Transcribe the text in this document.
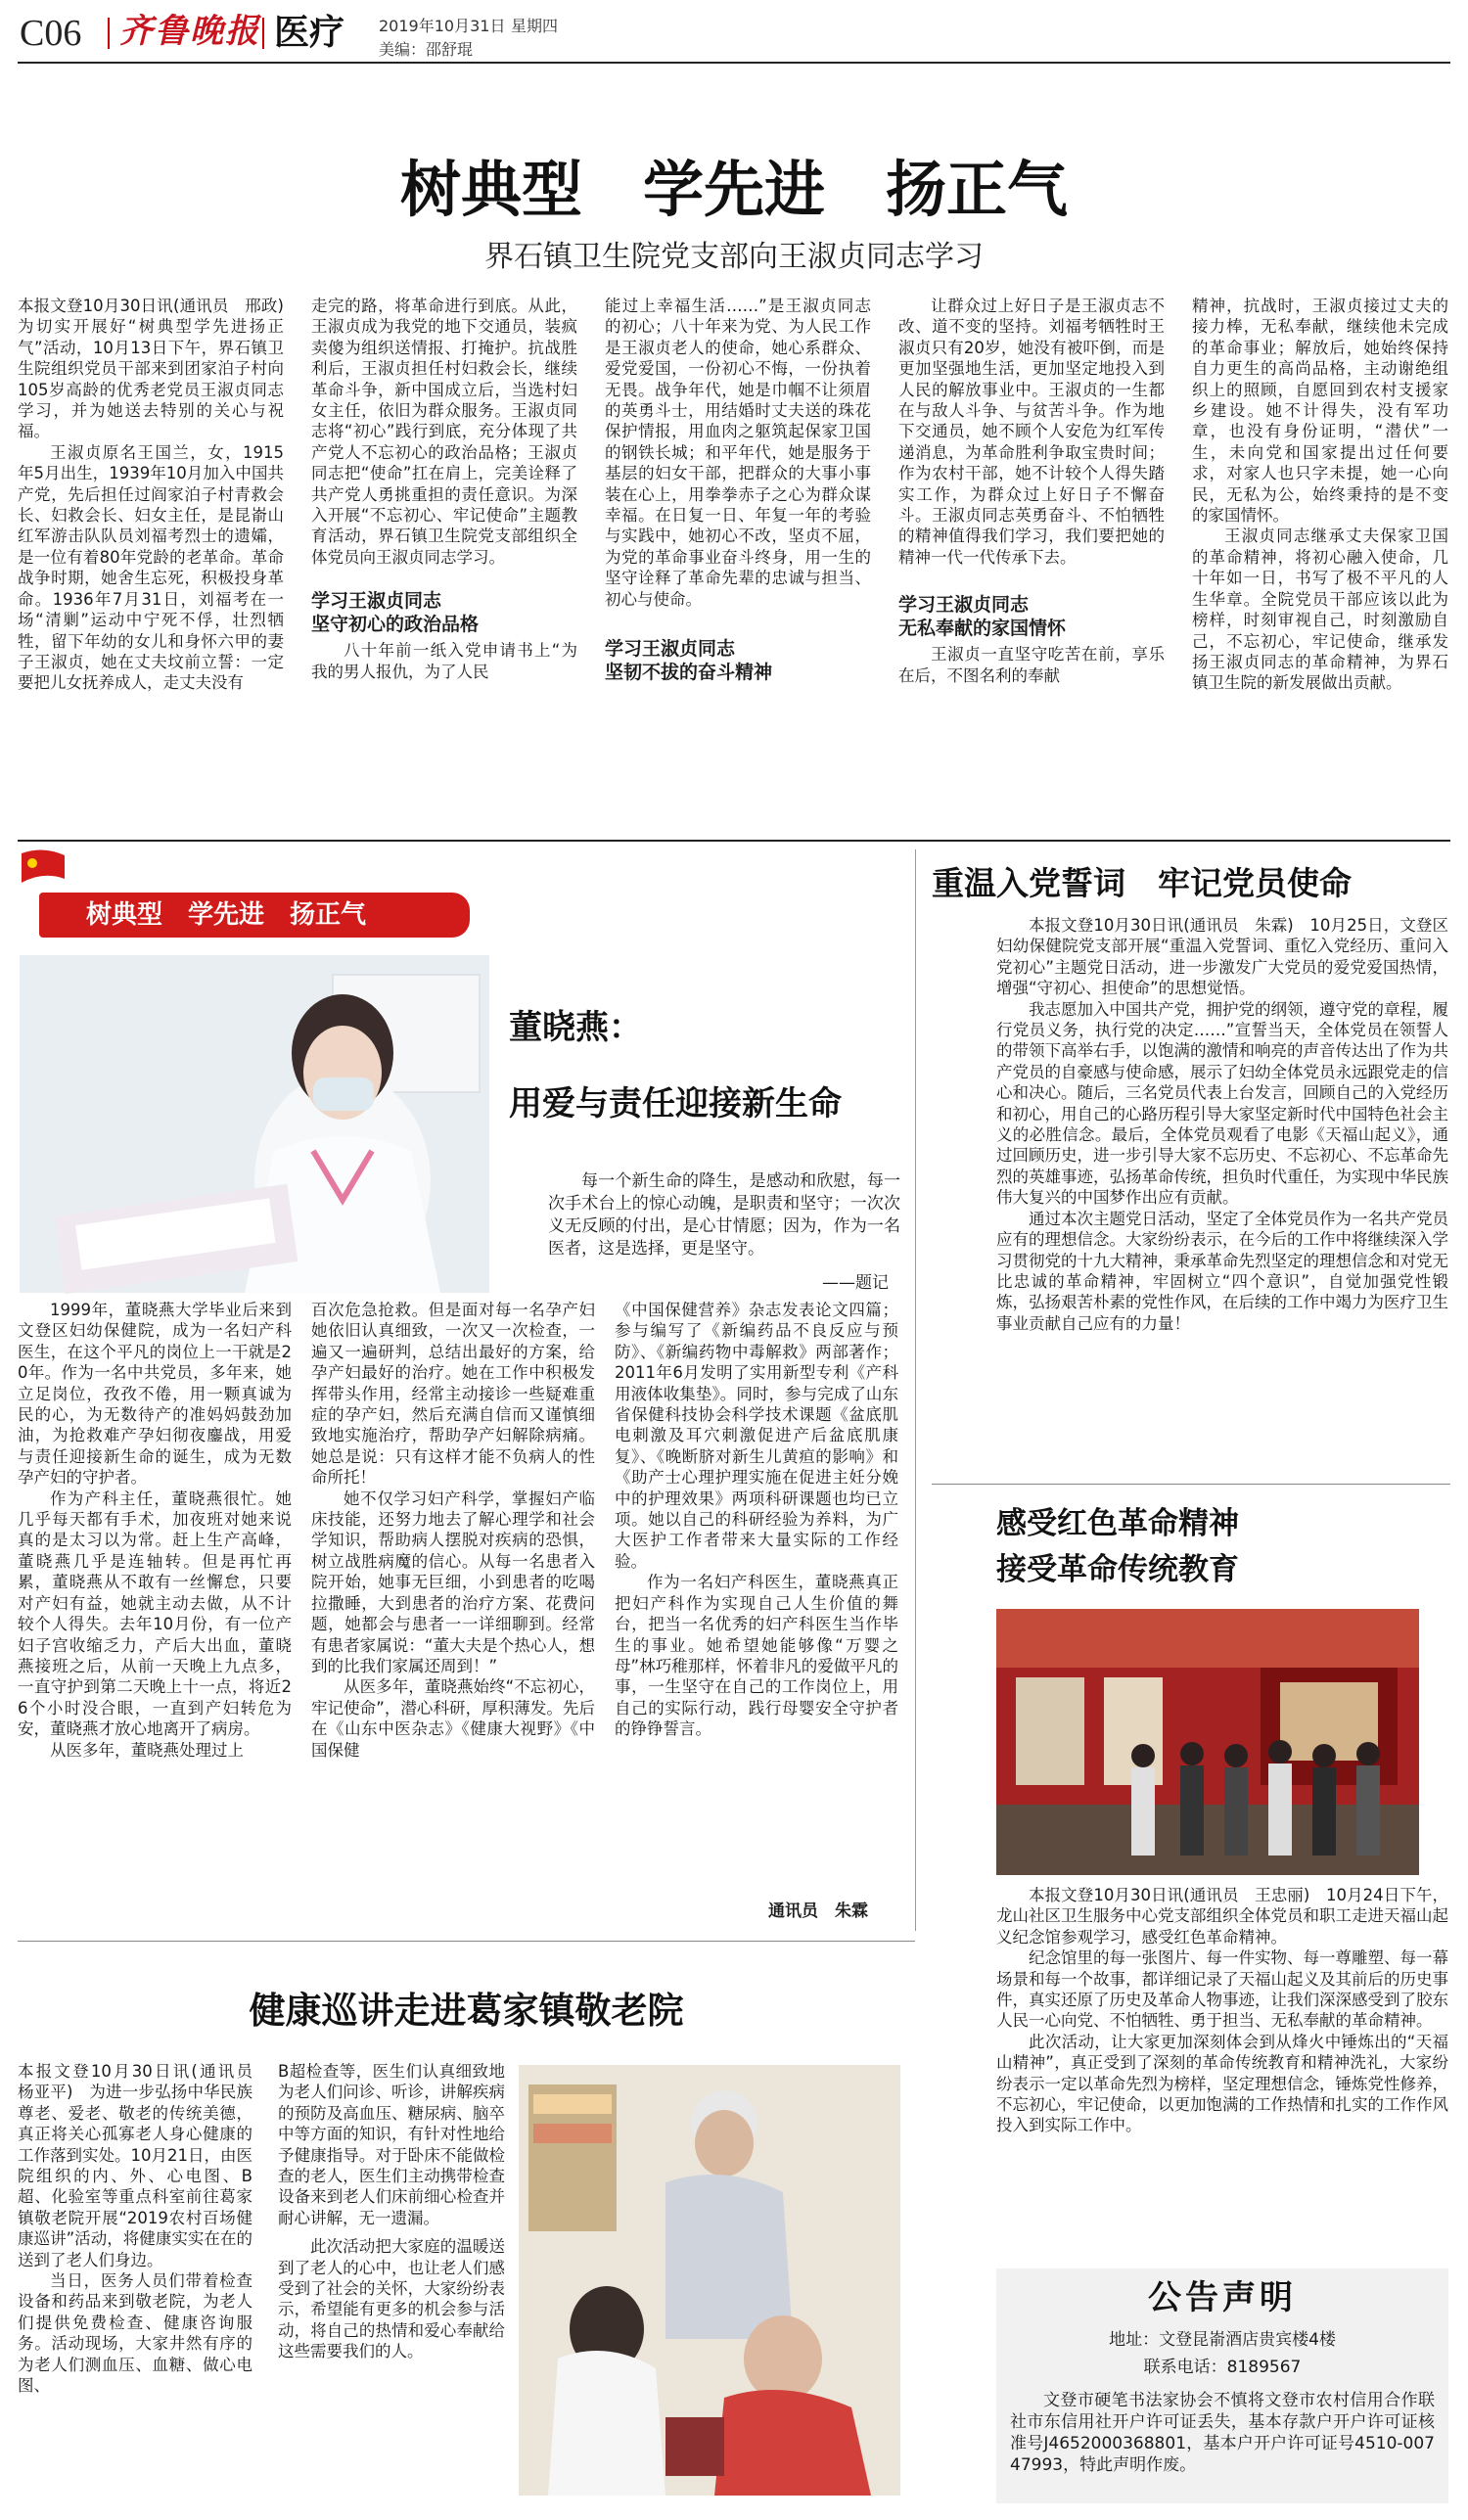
C06 齐鲁晚报 医疗 2019年10月31日 星期四
美编：邵舒琨
树典型　学先进　扬正气
界石镇卫生院党支部向王淑贞同志学习

本报文登10月30日讯(通讯员　邢政)　为切实开展好“树典型学先进扬正气”活动，10月13日下午，界石镇卫生院组织党员干部来到团家泊子村向105岁高龄的优秀老党员王淑贞同志学习，并为她送去特别的关心与祝福。

王淑贞原名王国兰，女，1915年5月出生，1939年10月加入中国共产党，先后担任过阎家泊子村青救会长、妇救会长、妇女主任，是昆嵛山红军游击队队员刘福考烈士的遗孀，是一位有着80年党龄的老革命。革命战争时期，她舍生忘死，积极投身革命。1936年7月31日，刘福考在一场“清剿”运动中宁死不俘，壮烈牺牲，留下年幼的女儿和身怀六甲的妻子王淑贞，她在丈夫坟前立誓：一定要把儿女抚养成人，走丈夫没有

走完的路，将革命进行到底。从此，王淑贞成为我党的地下交通员，装疯卖傻为组织送情报、打掩护。抗战胜利后，王淑贞担任村妇救会长，继续革命斗争，新中国成立后，当选村妇女主任，依旧为群众服务。王淑贞同志将“初心”践行到底，充分体现了共产党人不忘初心的政治品格；王淑贞同志把“使命”扛在肩上，完美诠释了共产党人勇挑重担的责任意识。为深入开展“不忘初心、牢记使命”主题教育活动，界石镇卫生院党支部组织全体党员向王淑贞同志学习。

学习王淑贞同志
坚守初心的政治品格

八十年前一纸入党申请书上“为我的男人报仇，为了人民

能过上幸福生活……”是王淑贞同志的初心；八十年来为党、为人民工作是王淑贞老人的使命，她心系群众、爱党爱国，一份初心不悔，一份执着无畏。战争年代，她是巾帼不让须眉的英勇斗士，用结婚时丈夫送的珠花保护情报，用血肉之躯筑起保家卫国的钢铁长城；和平年代，她是服务于基层的妇女干部，把群众的大事小事装在心上，用拳拳赤子之心为群众谋幸福。在日复一日、年复一年的考验与实践中，她初心不改，坚贞不屈，为党的革命事业奋斗终身，用一生的坚守诠释了革命先辈的忠诚与担当、初心与使命。

学习王淑贞同志
坚韧不拔的奋斗精神

让群众过上好日子是王淑贞志不改、道不变的坚持。刘福考牺牲时王淑贞只有20岁，她没有被吓倒，而是更加坚强地生活，更加坚定地投入到人民的解放事业中。王淑贞的一生都在与敌人斗争、与贫苦斗争。作为地下交通员，她不顾个人安危为红军传递消息，为革命胜利争取宝贵时间；作为农村干部，她不计较个人得失踏实工作，为群众过上好日子不懈奋斗。王淑贞同志英勇奋斗、不怕牺牲的精神值得我们学习，我们要把她的精神一代一代传承下去。

学习王淑贞同志
无私奉献的家国情怀

王淑贞一直坚守吃苦在前，享乐在后，不图名利的奉献

精神，抗战时，王淑贞接过丈夫的接力棒，无私奉献，继续他未完成的革命事业；解放后，她始终保持自力更生的高尚品格，主动谢绝组织上的照顾，自愿回到农村支援家乡建设。她不计得失，没有军功章，也没有身份证明，“潜伏”一生，未向党和国家提出过任何要求，对家人也只字未提，她一心向民，无私为公，始终秉持的是不变的家国情怀。

王淑贞同志继承丈夫保家卫国的革命精神，将初心融入使命，几十年如一日，书写了极不平凡的人生华章。全院党员干部应该以此为榜样，时刻审视自己，时刻激励自己，不忘初心，牢记使命，继承发扬王淑贞同志的革命精神，为界石镇卫生院的新发展做出贡献。

树典型　学先进　扬正气
董晓燕：
用爱与责任迎接新生命

每一个新生命的降生，是感动和欣慰，每一次手术台上的惊心动魄，是职责和坚守；一次次义无反顾的付出，是心甘情愿；因为，作为一名医者，这是选择，更是坚守。

——题记

1999年，董晓燕大学毕业后来到文登区妇幼保健院，成为一名妇产科医生，在这个平凡的岗位上一干就是20年。作为一名中共党员，多年来，她立足岗位，孜孜不倦，用一颗真诚为民的心，为无数待产的准妈妈鼓劲加油，为抢救难产孕妇彻夜鏖战，用爱与责任迎接新生命的诞生，成为无数孕产妇的守护者。

作为产科主任，董晓燕很忙。她几乎每天都有手术，加夜班对她来说真的是太习以为常。赶上生产高峰，董晓燕几乎是连轴转。但是再忙再累，董晓燕从不敢有一丝懈怠，只要对产妇有益，她就主动去做，从不计较个人得失。去年10月份，有一位产妇子宫收缩乏力，产后大出血，董晓燕接班之后，从前一天晚上九点多，一直守护到第二天晚上十一点，将近26个小时没合眼，一直到产妇转危为安，董晓燕才放心地离开了病房。

从医多年，董晓燕处理过上

百次危急抢救。但是面对每一名孕产妇她依旧认真细致，一次又一次检查，一遍又一遍研判，总结出最好的方案，给孕产妇最好的治疗。她在工作中积极发挥带头作用，经常主动接诊一些疑难重症的孕产妇，然后充满自信而又谨慎细致地实施治疗，帮助孕产妇解除病痛。她总是说：只有这样才能不负病人的性命所托！

她不仅学习妇产科学，掌握妇产临床技能，还努力地去了解心理学和社会学知识，帮助病人摆脱对疾病的恐惧，树立战胜病魔的信心。从每一名患者入院开始，她事无巨细，小到患者的吃喝拉撒睡，大到患者的治疗方案、花费问题，她都会与患者一一详细聊到。经常有患者家属说：“董大夫是个热心人，想到的比我们家属还周到！”

从医多年，董晓燕始终“不忘初心，牢记使命”，潜心科研，厚积薄发。先后在《山东中医杂志》《健康大视野》《中国保健

《中国保健营养》杂志发表论文四篇；参与编写了《新编药品不良反应与预防》、《新编药物中毒解救》两部著作；2011年6月发明了实用新型专利《产科用液体收集垫》。同时，参与完成了山东省保健科技协会科学技术课题《盆底肌电刺激及耳穴刺激促进产后盆底肌康复》、《晚断脐对新生儿黄疸的影响》和《助产士心理护理实施在促进主妊分娩中的护理效果》两项科研课题也均已立项。她以自己的科研经验为养料，为广大医护工作者带来大量实际的工作经验。

作为一名妇产科医生，董晓燕真正把妇产科作为实现自己人生价值的舞台，把当一名优秀的妇产科医生当作毕生的事业。她希望她能够像“万婴之母”林巧稚那样，怀着非凡的爱做平凡的事，一生坚守在自己的工作岗位上，用自己的实际行动，践行母婴安全守护者的铮铮誓言。

通讯员　朱霖
重温入党誓词　牢记党员使命

本报文登10月30日讯(通讯员　朱霖)　10月25日，文登区妇幼保健院党支部开展“重温入党誓词、重忆入党经历、重问入党初心”主题党日活动，进一步激发广大党员的爱党爱国热情，增强“守初心、担使命”的思想觉悟。

我志愿加入中国共产党，拥护党的纲领，遵守党的章程，履行党员义务，执行党的决定……”宣誓当天，全体党员在领誓人的带领下高举右手，以饱满的激情和响亮的声音传达出了作为共产党员的自豪感与使命感，展示了妇幼全体党员永远跟党走的信心和决心。随后，三名党员代表上台发言，回顾自己的入党经历和初心，用自己的心路历程引导大家坚定新时代中国特色社会主义的必胜信念。最后，全体党员观看了电影《天福山起义》，通过回顾历史，进一步引导大家不忘历史、不忘初心、不忘革命先烈的英雄事迹，弘扬革命传统，担负时代重任，为实现中华民族伟大复兴的中国梦作出应有贡献。

通过本次主题党日活动，坚定了全体党员作为一名共产党员应有的理想信念。大家纷纷表示，在今后的工作中将继续深入学习贯彻党的十九大精神，秉承革命先烈坚定的理想信念和对党无比忠诚的革命精神，牢固树立“四个意识”，自觉加强党性锻炼，弘扬艰苦朴素的党性作风，在后续的工作中竭力为医疗卫生事业贡献自己应有的力量！

感受红色革命精神
接受革命传统教育

本报文登10月30日讯(通讯员　王忠丽)　10月24日下午，龙山社区卫生服务中心党支部组织全体党员和职工走进天福山起义纪念馆参观学习，感受红色革命精神。

纪念馆里的每一张图片、每一件实物、每一尊雕塑、每一幕场景和每一个故事，都详细记录了天福山起义及其前后的历史事件，真实还原了历史及革命人物事迹，让我们深深感受到了胶东人民一心向党、不怕牺牲、勇于担当、无私奉献的革命精神。

此次活动，让大家更加深刻体会到从烽火中锤炼出的“天福山精神”，真正受到了深刻的革命传统教育和精神洗礼，大家纷纷表示一定以革命先烈为榜样，坚定理想信念，锤炼党性修养，不忘初心，牢记使命，以更加饱满的工作热情和扎实的工作作风投入到实际工作中。

健康巡讲走进葛家镇敬老院

本报文登10月30日讯(通讯员　杨亚平)　为进一步弘扬中华民族尊老、爱老、敬老的传统美德，真正将关心孤寡老人身心健康的工作落到实处。10月21日，由医院组织的内、外、心电图、B超、化验室等重点科室前往葛家镇敬老院开展“2019农村百场健康巡讲”活动，将健康实实在在的送到了老人们身边。

当日，医务人员们带着检查设备和药品来到敬老院，为老人们提供免费检查、健康咨询服务。活动现场，大家井然有序的为老人们测血压、血糖、做心电图、

B超检查等，医生们认真细致地为老人们问诊、听诊，讲解疾病的预防及高血压、糖尿病、脑卒中等方面的知识，有针对性地给予健康指导。对于卧床不能做检查的老人，医生们主动携带检查设备来到老人们床前细心检查并耐心讲解，无一遗漏。

此次活动把大家庭的温暖送到了老人的心中，也让老人们感受到了社会的关怀，大家纷纷表示，希望能有更多的机会参与活动，将自己的热情和爱心奉献给这些需要我们的人。

公告声明
地址：文登昆嵛酒店贵宾楼4楼
联系电话：8189567

文登市硬笔书法家协会不慎将文登市农村信用合作联社市东信用社开户许可证丢失，基本存款户开户许可证核准号J4652000368801，基本户开户许可证号4510-00747993，特此声明作废。
